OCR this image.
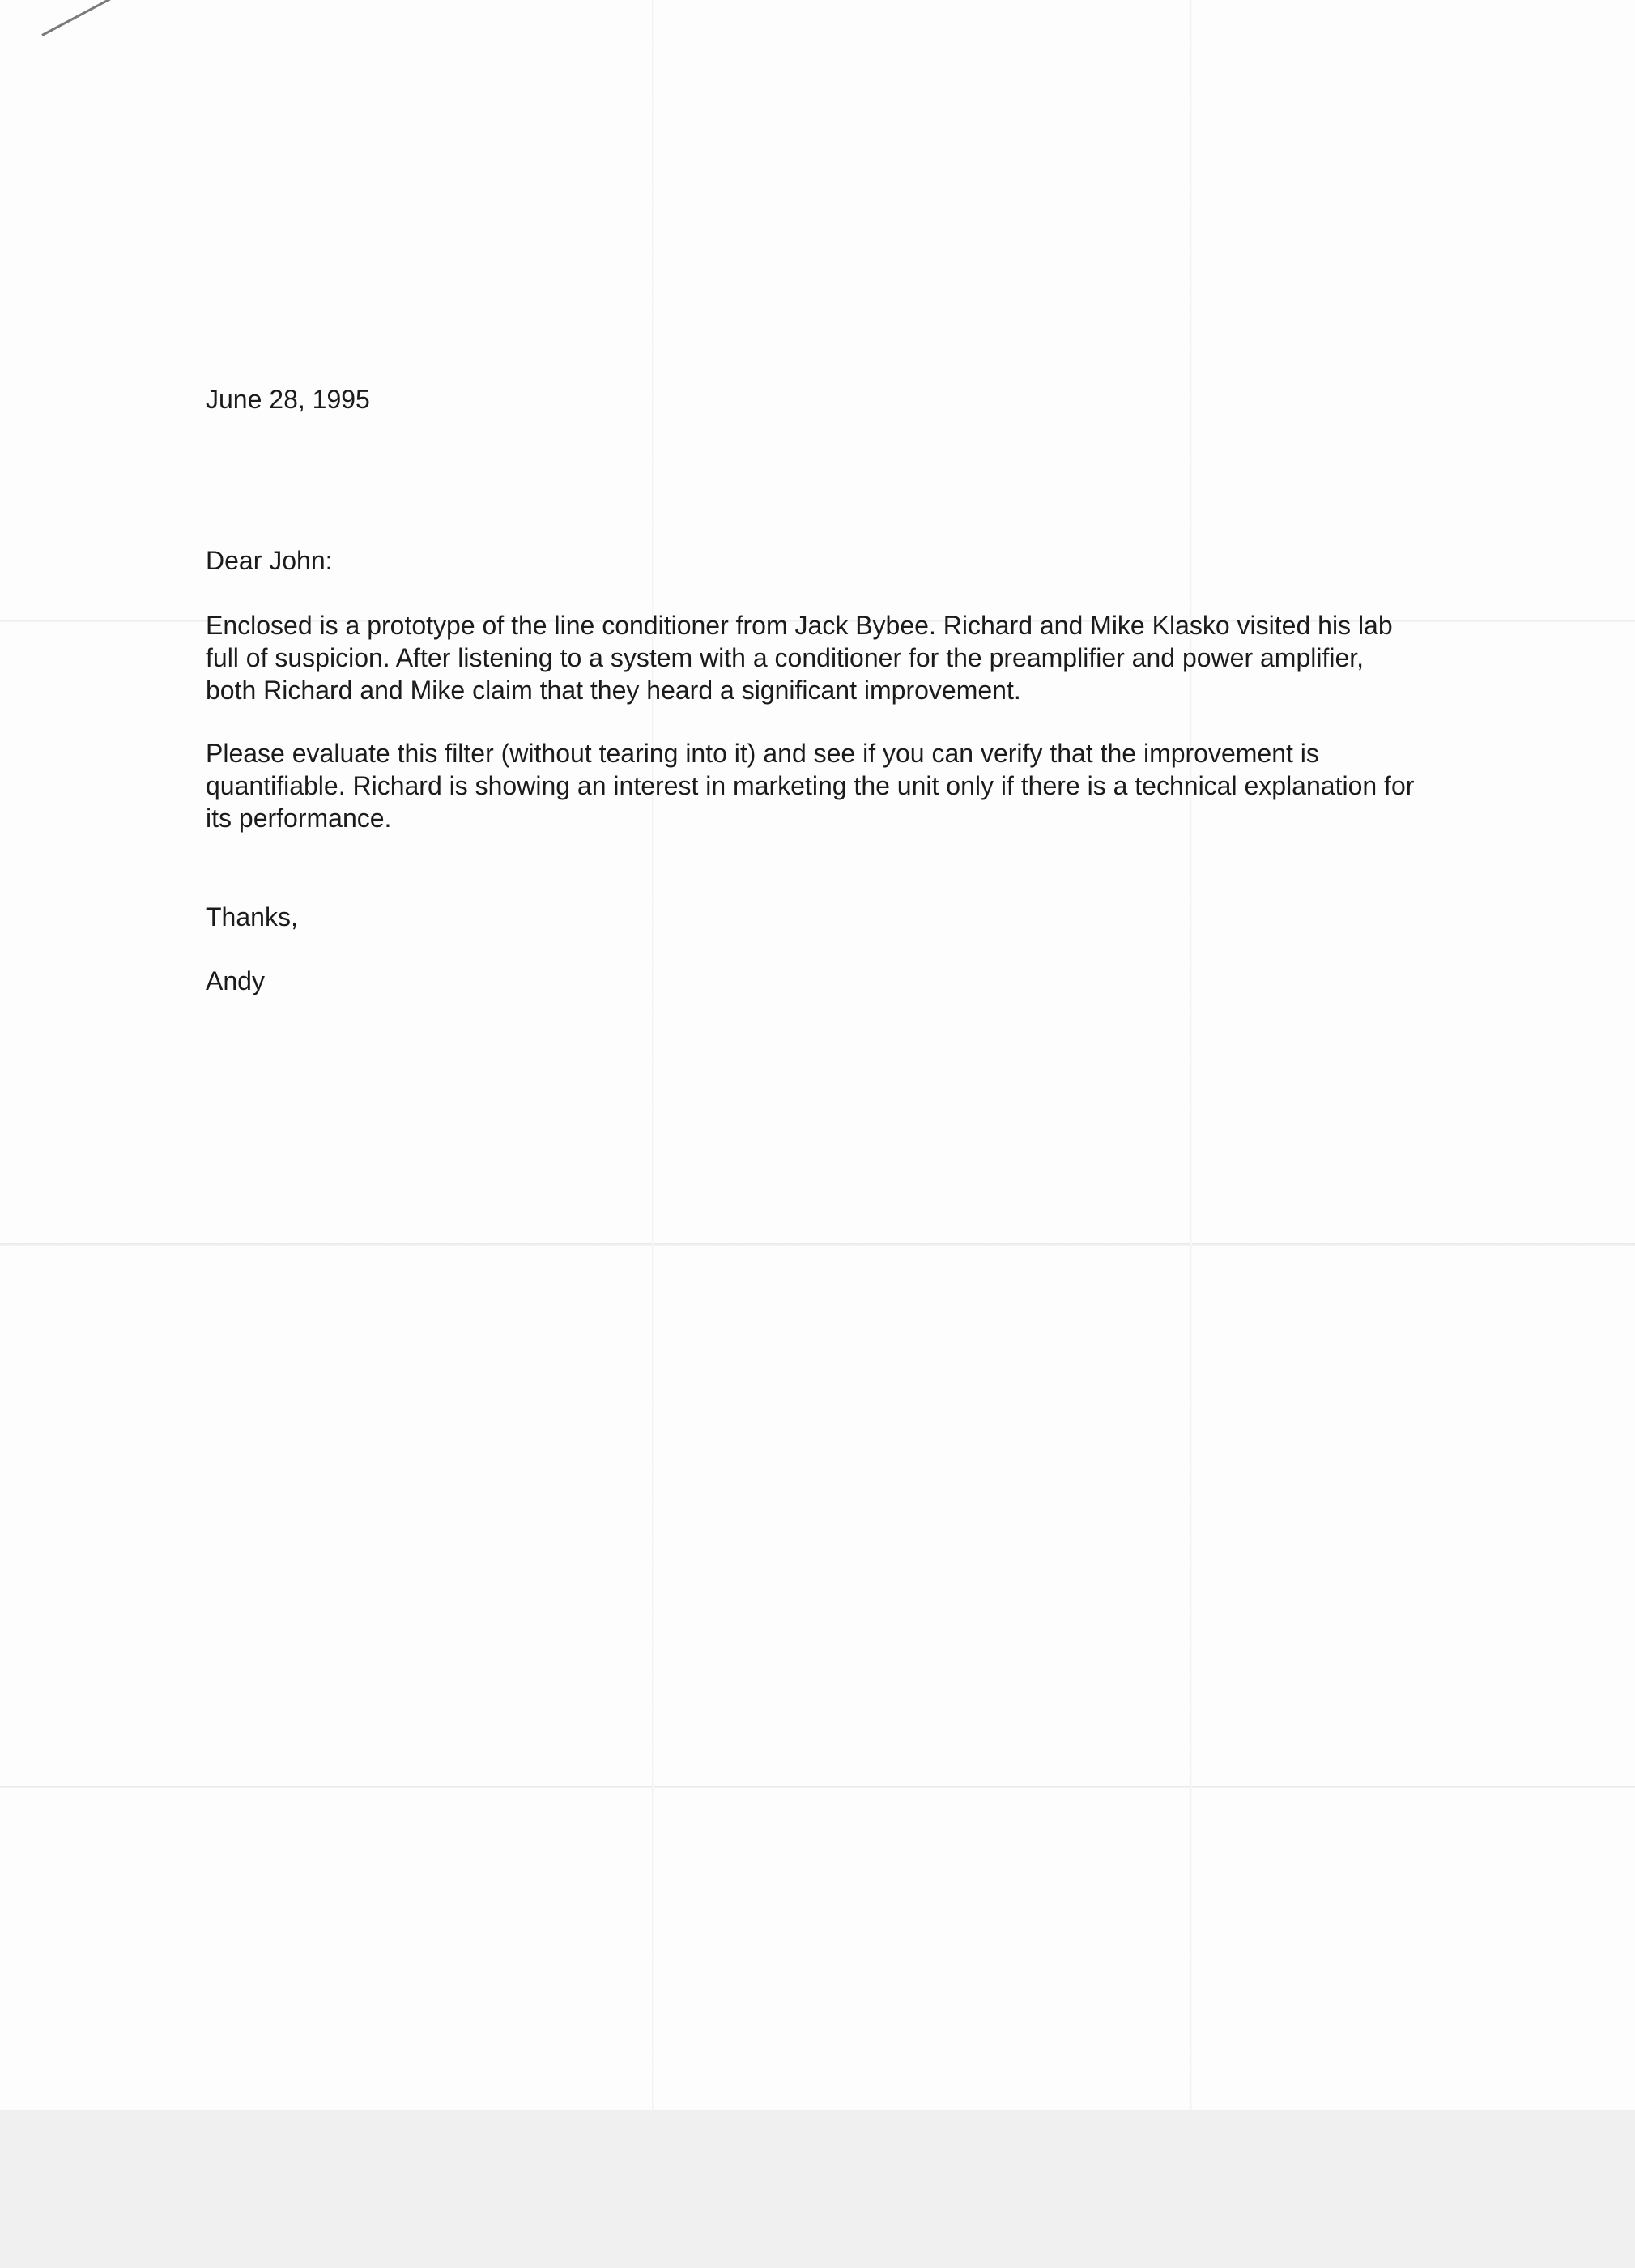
June 28, 1995
Dear John:
Enclosed is a prototype of the line conditioner from Jack Bybee. Richard and Mike Klasko visited his lab
full of suspicion. After listening to a system with a conditioner for the preamplifier and power amplifier,
both Richard and Mike claim that they heard a significant improvement.
Please evaluate this filter (without tearing into it) and see if you can verify that the improvement is
quantifiable. Richard is showing an interest in marketing the unit only if there is a technical explanation for
its performance.
Thanks,
Andy
